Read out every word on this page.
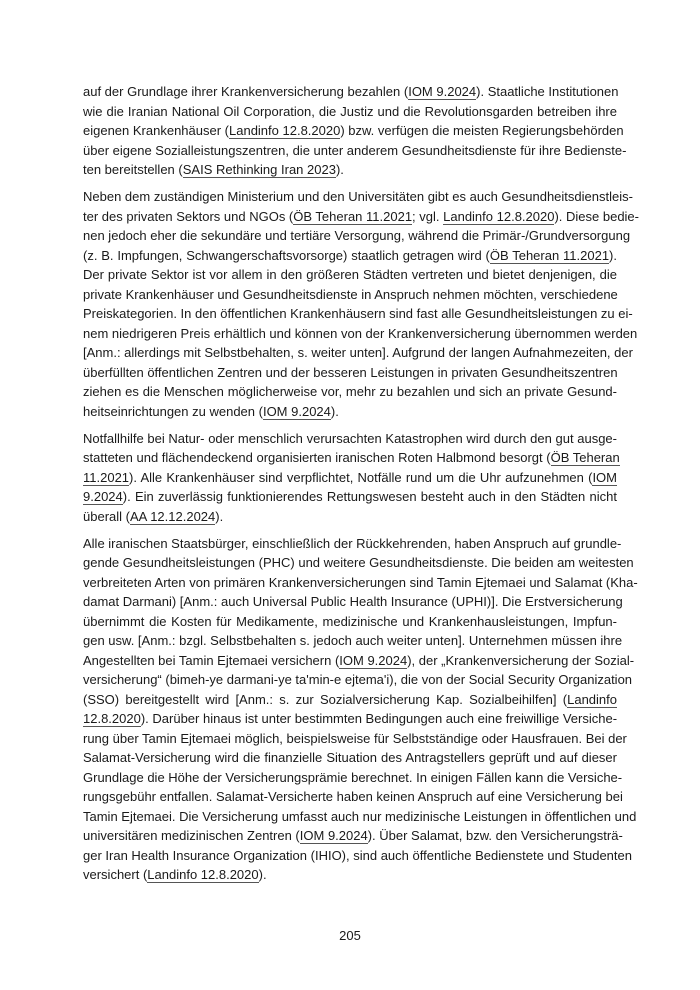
auf der Grundlage ihrer Krankenversicherung bezahlen (IOM 9.2024). Staatliche Institutionen
wie die Iranian National Oil Corporation, die Justiz und die Revolutionsgarden betreiben ihre
eigenen Krankenhäuser (Landinfo 12.8.2020) bzw. verfügen die meisten Regierungsbehörden
über eigene Sozialleistungszentren, die unter anderem Gesundheitsdienste für ihre Bedienste-
ten bereitstellen (SAIS Rethinking Iran 2023).
Neben dem zuständigen Ministerium und den Universitäten gibt es auch Gesundheitsdienstleis-
ter des privaten Sektors und NGOs (ÖB Teheran 11.2021; vgl. Landinfo 12.8.2020). Diese bedie-
nen jedoch eher die sekundäre und tertiäre Versorgung, während die Primär-/Grundversorgung
(z. B. Impfungen, Schwangerschaftsvorsorge) staatlich getragen wird (ÖB Teheran 11.2021).
Der private Sektor ist vor allem in den größeren Städten vertreten und bietet denjenigen, die
private Krankenhäuser und Gesundheitsdienste in Anspruch nehmen möchten, verschiedene
Preiskategorien. In den öffentlichen Krankenhäusern sind fast alle Gesundheitsleistungen zu ei-
nem niedrigeren Preis erhältlich und können von der Krankenversicherung übernommen werden
[Anm.: allerdings mit Selbstbehalten, s. weiter unten]. Aufgrund der langen Aufnahmezeiten, der
überfüllten öffentlichen Zentren und der besseren Leistungen in privaten Gesundheitszentren
ziehen es die Menschen möglicherweise vor, mehr zu bezahlen und sich an private Gesund-
heitseinrichtungen zu wenden (IOM 9.2024).
Notfallhilfe bei Natur- oder menschlich verursachten Katastrophen wird durch den gut ausge-
statteten und flächendeckend organisierten iranischen Roten Halbmond besorgt (ÖB Teheran
11.2021). Alle Krankenhäuser sind verpflichtet, Notfälle rund um die Uhr aufzunehmen (IOM
9.2024). Ein zuverlässig funktionierendes Rettungswesen besteht auch in den Städten nicht
überall (AA 12.12.2024).
Alle iranischen Staatsbürger, einschließlich der Rückkehrenden, haben Anspruch auf grundle-
gende Gesundheitsleistungen (PHC) und weitere Gesundheitsdienste. Die beiden am weitesten
verbreiteten Arten von primären Krankenversicherungen sind Tamin Ejtemaei und Salamat (Kha-
damat Darmani) [Anm.: auch Universal Public Health Insurance (UPHI)]. Die Erstversicherung
übernimmt die Kosten für Medikamente, medizinische und Krankenhausleistungen, Impfun-
gen usw. [Anm.: bzgl. Selbstbehalten s. jedoch auch weiter unten]. Unternehmen müssen ihre
Angestellten bei Tamin Ejtemaei versichern (IOM 9.2024), der „Krankenversicherung der Sozial-
versicherung“ (bimeh-ye darmani-ye ta'min-e ejtema'i), die von der Social Security Organization
(SSO) bereitgestellt wird [Anm.: s. zur Sozialversicherung Kap. Sozialbeihilfen] (Landinfo
12.8.2020). Darüber hinaus ist unter bestimmten Bedingungen auch eine freiwillige Versiche-
rung über Tamin Ejtemaei möglich, beispielsweise für Selbstständige oder Hausfrauen. Bei der
Salamat-Versicherung wird die finanzielle Situation des Antragstellers geprüft und auf dieser
Grundlage die Höhe der Versicherungsprämie berechnet. In einigen Fällen kann die Versiche-
rungsgebühr entfallen. Salamat-Versicherte haben keinen Anspruch auf eine Versicherung bei
Tamin Ejtemaei. Die Versicherung umfasst auch nur medizinische Leistungen in öffentlichen und
universitären medizinischen Zentren (IOM 9.2024). Über Salamat, bzw. den Versicherungsträ-
ger Iran Health Insurance Organization (IHIO), sind auch öffentliche Bedienstete und Studenten
versichert (Landinfo 12.8.2020).
205
